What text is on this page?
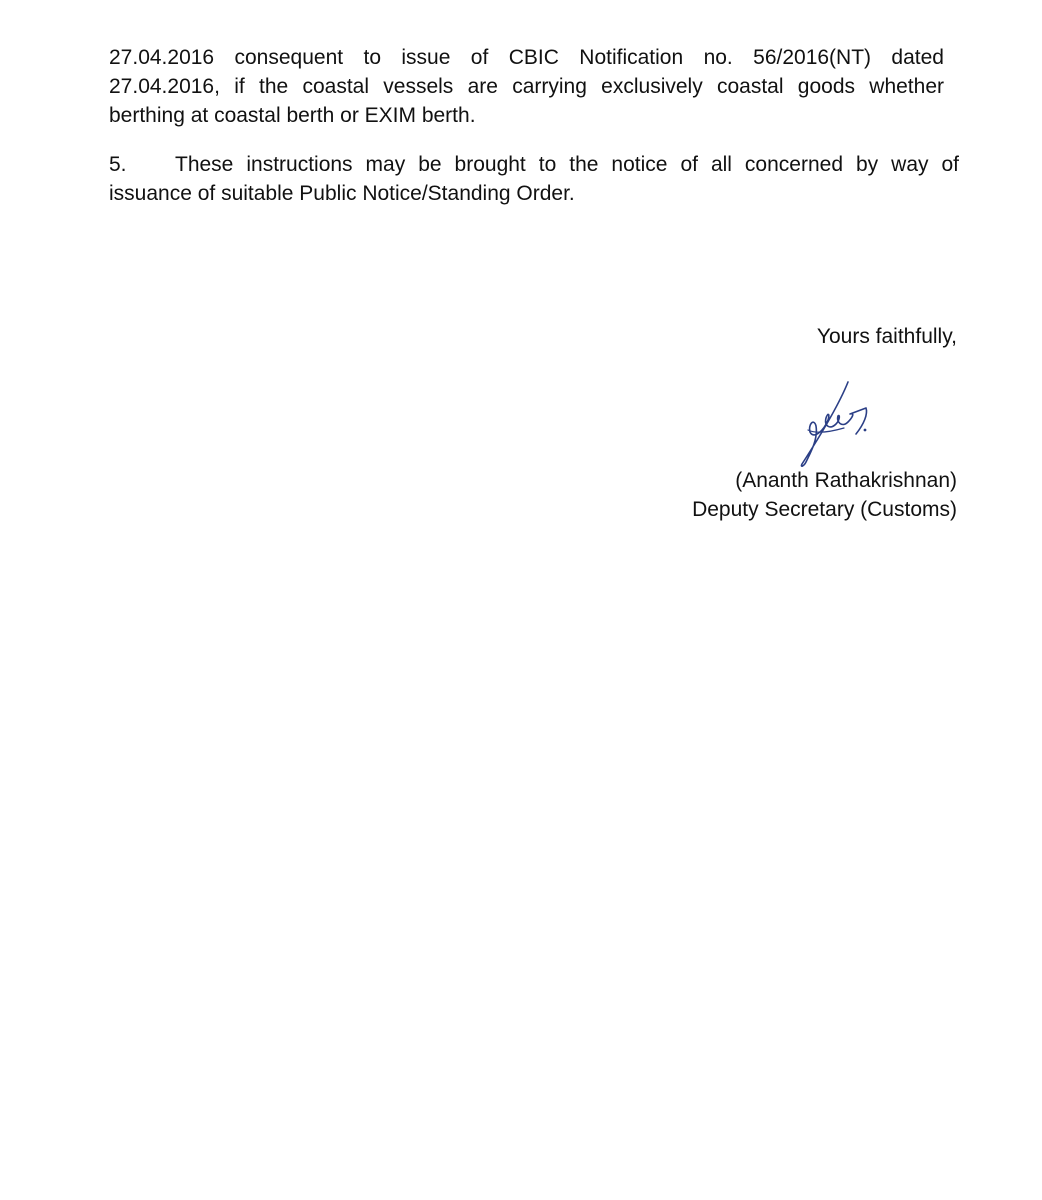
27.04.2016 consequent to issue of CBIC Notification no. 56/2016(NT) dated
27.04.2016, if the coastal vessels are carrying exclusively coastal goods whether
berthing at coastal berth or EXIM berth.

5. These instructions may be brought to the notice of all concerned by way of
issuance of suitable Public Notice/Standing Order.

Yours faithfully,
(Ananth Rathakrishnan)
Deputy Secretary (Customs)
